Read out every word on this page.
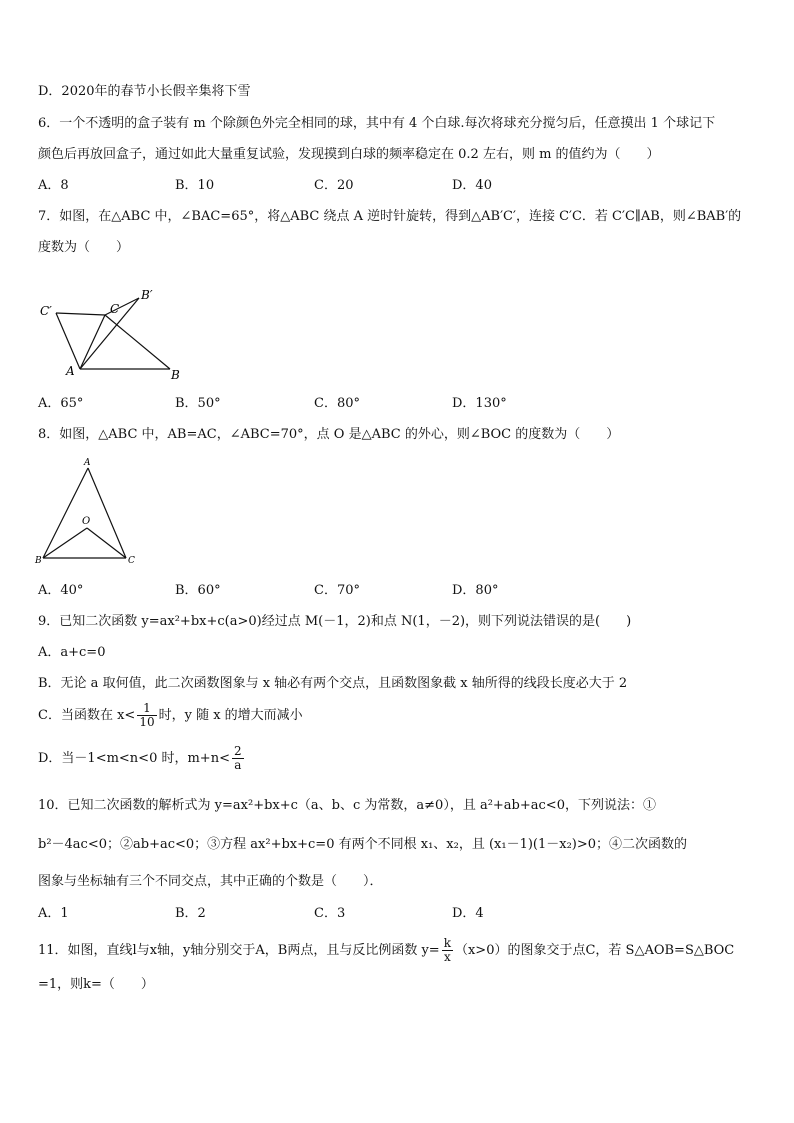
D．2020年的春节小长假辛集将下雪
6．一个不透明的盒子装有 m 个除颜色外完全相同的球，其中有 4 个白球.每次将球充分搅匀后，任意摸出 1 个球记下
颜色后再放回盒子，通过如此大量重复试验，发现摸到白球的频率稳定在 0.2 左右，则 m 的值约为（　　）
A．8	B．10	C．20	D．40
7．如图，在△ABC 中，∠BAC=65°，将△ABC 绕点 A 逆时针旋转，得到△AB′C′，连接 C′C．若 C′C∥AB，则∠BAB′的
度数为（　　）
C′	C
B′
A	B
A．65°	B．50°	C．80°	D．130°
8．如图，△ABC 中，AB=AC，∠ABC=70°，点 O 是△ABC 的外心，则∠BOC 的度数为（　　）
A
O
B	C
A．40°	B．60°	C．70°	D．80°
9．已知二次函数 y=ax²+bx+c(a>0)经过点 M(－1，2)和点 N(1，－2)，则下列说法错误的是(　　)
A．a+c=0
B．无论 a 取何值，此二次函数图象与 x 轴必有两个交点，且函数图象截 x 轴所得的线段长度必大于 2
C．当函数在 $x< \frac{1}{10}$ 时，y 随 x 的增大而减小
D．当－1<m<n<0 时，$m+n< \frac{2}{a}$
10．已知二次函数的解析式为 y=ax²+bx+c（a、b、c 为常数，a≠0），且 a²+ab+ac<0，下列说法：①
b²－4ac<0；②ab+ac<0；③方程 ax²+bx+c=0 有两个不同根 x₁、x₂，且 (x₁－1)(1－x₂)>0；④二次函数的
图象与坐标轴有三个不同交点，其中正确的个数是（　　）．
A．1	B．2	C．3	D．4
11．如图，直线l与x轴，y轴分别交于A，B两点，且与反比例函数 $y= \frac{k}{x} (x>0)$的图象交于点C，若 S△AOB=S△BOC
=1，则k=（　　）
